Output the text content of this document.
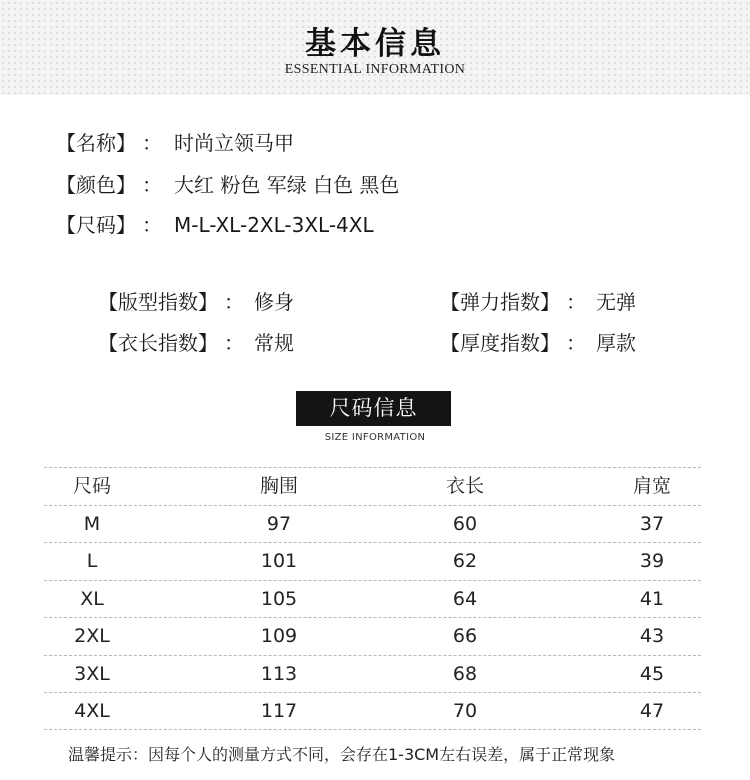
基本信息
ESSENTIAL INFORMATION
【名称】 ： 时尚立领马甲
【颜色】 ： 大红 粉色 军绿 白色 黑色
【尺码】 ： M-L-XL-2XL-3XL-4XL
【版型指数】 ： 修身	【弹力指数】 ： 无弹
【衣长指数】 ： 常规	【厚度指数】 ： 厚款
尺码信息
SIZE INFORMATION
尺码	胸围	衣长	肩宽
M	97	60	37
L	101	62	39
XL	105	64	41
2XL	109	66	43
3XL	113	68	45
4XL	117	70	47
温馨提示：因每个人的测量方式不同，会存在1-3CM左右误差，属于正常现象
